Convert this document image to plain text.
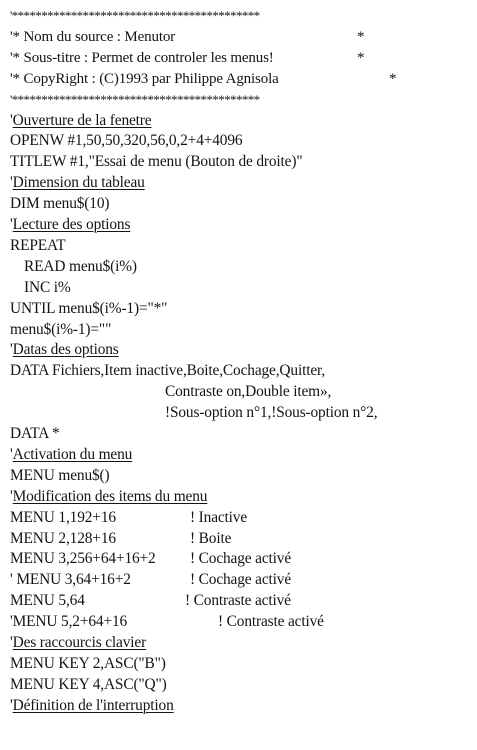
'******************************************
'* Nom du source : Menutor	*
'* Sous-titre : Permet de controler les menus!	*
'* CopyRight : (C)1993 par Philippe Agnisola	*
'******************************************
'Ouverture de la fenetre
OPENW #1,50,50,320,56,0,2+4+4096
TITLEW #1,"Essai de menu (Bouton de droite)"
'Dimension du tableau
DIM menu$(10)
'Lecture des options
REPEAT
READ menu$(i%)
INC i%
UNTIL menu$(i%-1)="*"
menu$(i%-1)=""
'Datas des options
DATA Fichiers,Item inactive,Boite,Cochage,Quitter,
Contraste on,Double item»,
!Sous-option n°1,!Sous-option n°2,
DATA *
'Activation du menu
MENU menu$()
'Modification des items du menu
MENU 1,192+16	! Inactive
MENU 2,128+16	! Boite
MENU 3,256+64+16+2 ! Cochage activé
' MENU 3,64+16+2	! Cochage activé
MENU 5,64	! Contraste activé
'MENU 5,2+64+16	! Contraste activé
'Des raccourcis clavier
MENU KEY 2,ASC("B")
MENU KEY 4,ASC("Q")
'Définition de l'interruption
